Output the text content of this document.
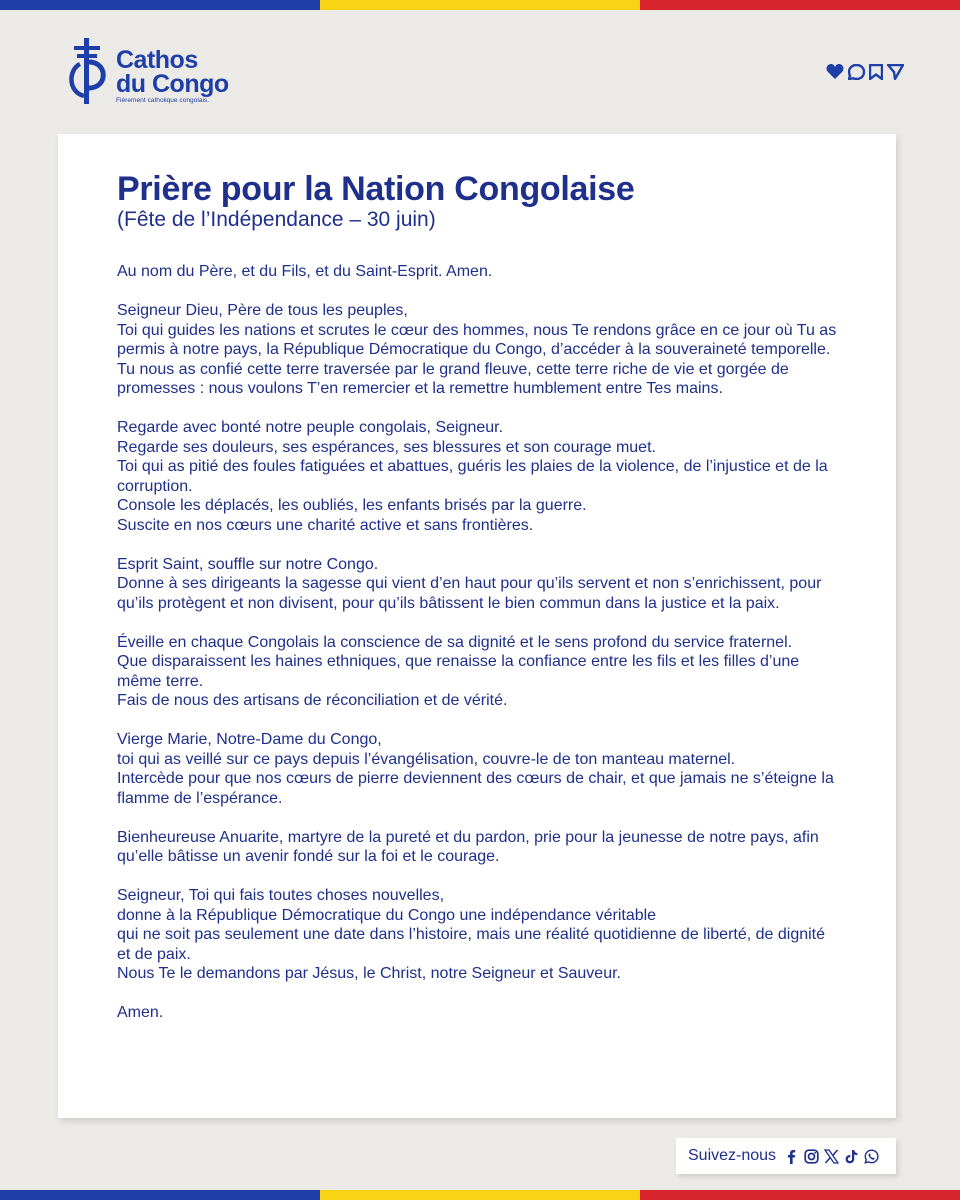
Cathos
du Congo
Fièrement catholique congolais.
Prière pour la Nation Congolaise
(Fête de l’Indépendance – 30 juin)

Au nom du Père, et du Fils, et du Saint-Esprit. Amen.

Seigneur Dieu, Père de tous les peuples,
Toi qui guides les nations et scrutes le cœur des hommes, nous Te rendons grâce en ce jour où Tu as permis à notre pays, la République Démocratique du Congo, d’accéder à la souveraineté temporelle.
Tu nous as confié cette terre traversée par le grand fleuve, cette terre riche de vie et gorgée de promesses : nous voulons T’en remercier et la remettre humblement entre Tes mains.

Regarde avec bonté notre peuple congolais, Seigneur.
Regarde ses douleurs, ses espérances, ses blessures et son courage muet.
Toi qui as pitié des foules fatiguées et abattues, guéris les plaies de la violence, de l’injustice et de la corruption.
Console les déplacés, les oubliés, les enfants brisés par la guerre.
Suscite en nos cœurs une charité active et sans frontières.

Esprit Saint, souffle sur notre Congo.
Donne à ses dirigeants la sagesse qui vient d’en haut pour qu’ils servent et non s’enrichissent, pour qu’ils protègent et non divisent, pour qu’ils bâtissent le bien commun dans la justice et la paix.

Éveille en chaque Congolais la conscience de sa dignité et le sens profond du service fraternel.
Que disparaissent les haines ethniques, que renaisse la confiance entre les fils et les filles d’une même terre.
Fais de nous des artisans de réconciliation et de vérité.

Vierge Marie, Notre-Dame du Congo,
toi qui as veillé sur ce pays depuis l’évangélisation, couvre-le de ton manteau maternel.
Intercède pour que nos cœurs de pierre deviennent des cœurs de chair, et que jamais ne s’éteigne la flamme de l’espérance.

Bienheureuse Anuarite, martyre de la pureté et du pardon, prie pour la jeunesse de notre pays, afin qu’elle bâtisse un avenir fondé sur la foi et le courage.

Seigneur, Toi qui fais toutes choses nouvelles,
donne à la République Démocratique du Congo une indépendance véritable
qui ne soit pas seulement une date dans l’histoire, mais une réalité quotidienne de liberté, de dignité et de paix.
Nous Te le demandons par Jésus, le Christ, notre Seigneur et Sauveur.

Amen.

Suivez-nous
